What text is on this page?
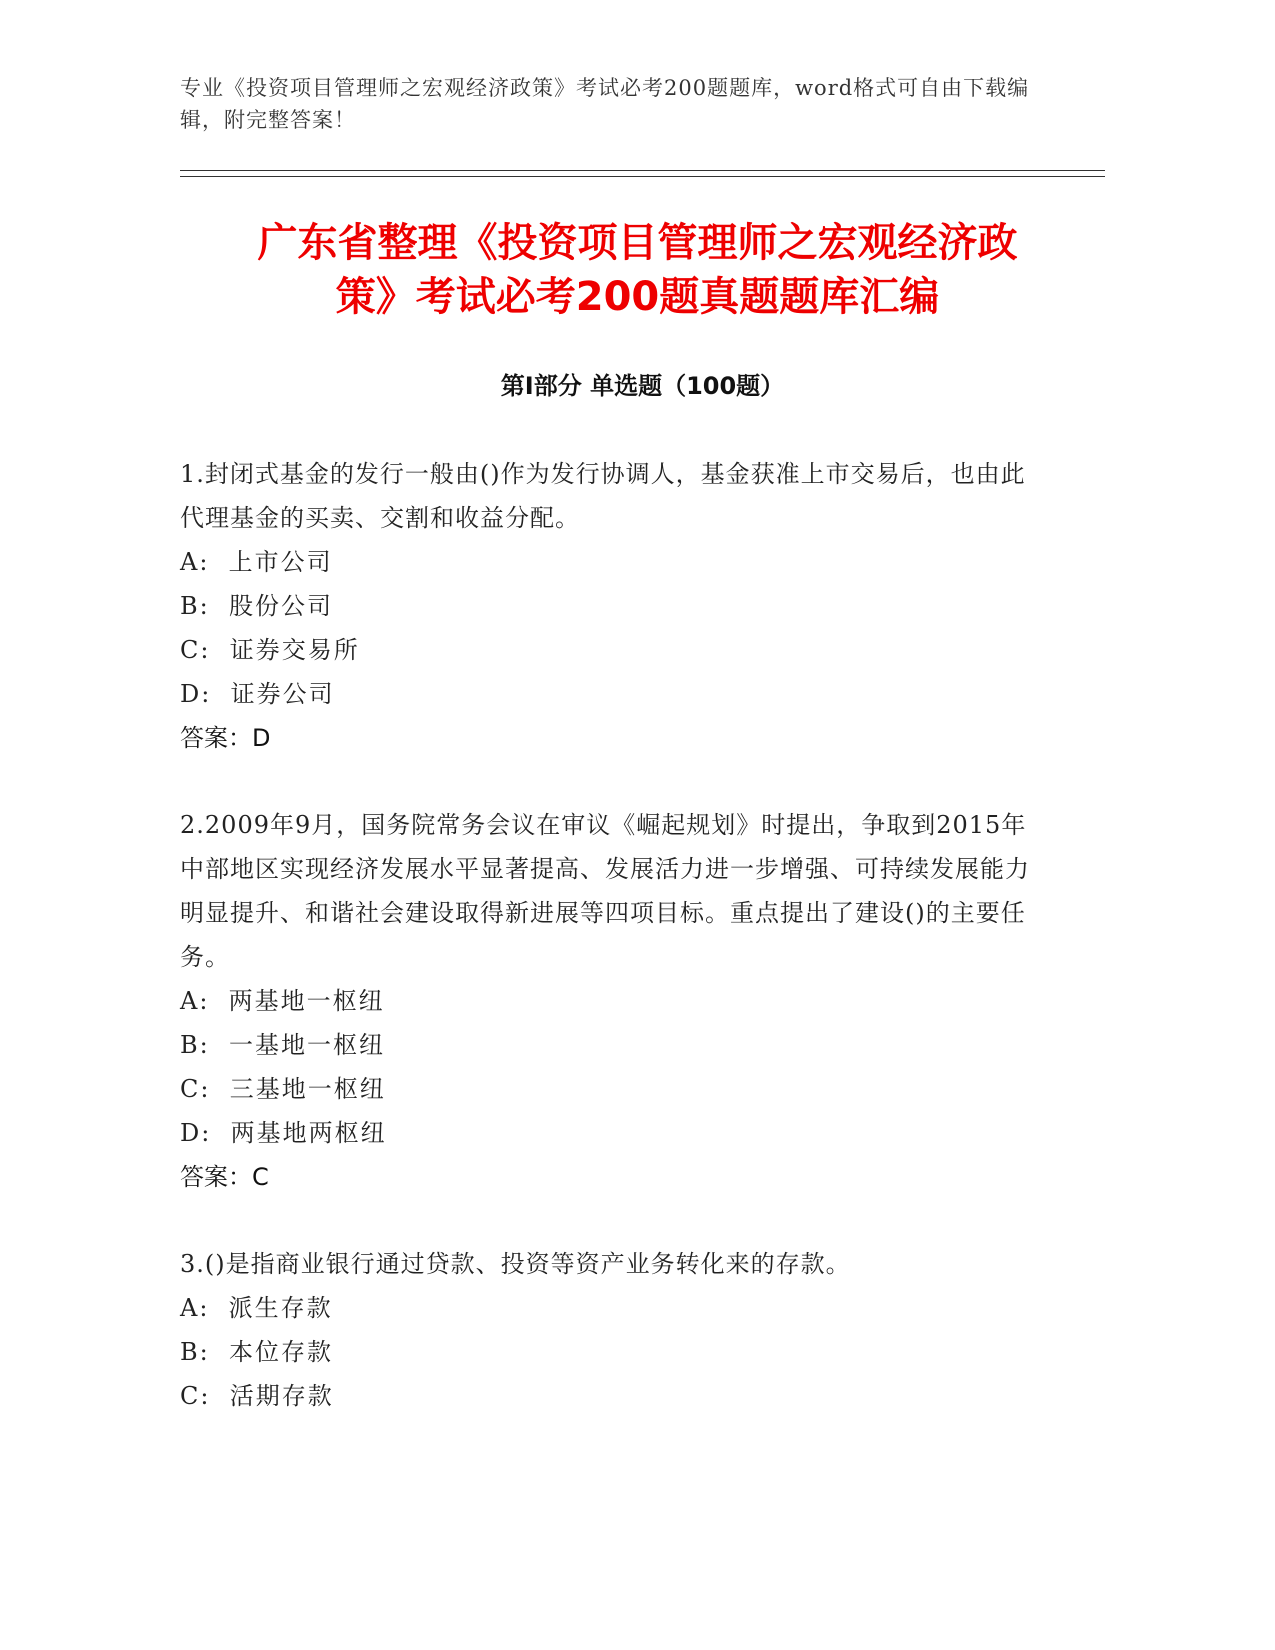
专业《投资项目管理师之宏观经济政策》考试必考200题题库，word格式可自由下载编辑，附完整答案！
广东省整理《投资项目管理师之宏观经济政
策》考试必考200题真题题库汇编
第Ⅰ部分 单选题（100题）
1.封闭式基金的发行一般由()作为发行协调人，基金获准上市交易后，也由此代理基金的买卖、交割和收益分配。
A:  上市公司
B:  股份公司
C:  证券交易所
D:  证券公司
答案：D
2.2009年9月，国务院常务会议在审议《崛起规划》时提出，争取到2015年中部地区实现经济发展水平显著提高、发展活力进一步增强、可持续发展能力明显提升、和谐社会建设取得新进展等四项目标。重点提出了建设()的主要任务。
A:  两基地一枢纽
B:  一基地一枢纽
C:  三基地一枢纽
D:  两基地两枢纽
答案：C
3.()是指商业银行通过贷款、投资等资产业务转化来的存款。
A:  派生存款
B:  本位存款
C:  活期存款
